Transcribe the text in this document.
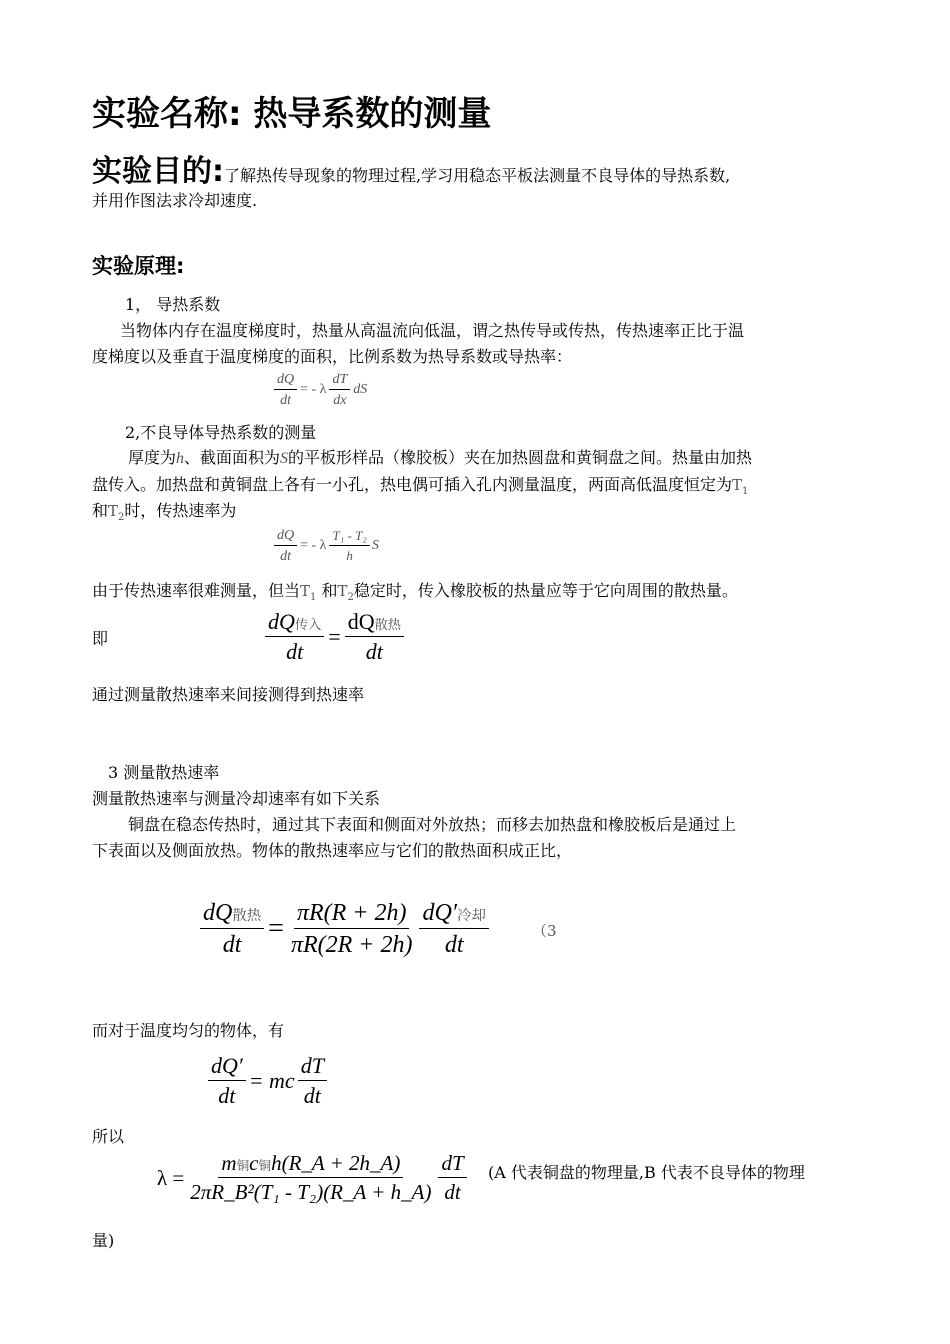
实验名称: 热导系数的测量
实验目的:了解热传导现象的物理过程,学习用稳态平板法测量不良导体的导热系数,
并用作图法求冷却速度.
实验原理:
1， 导热系数
当物体内存在温度梯度时，热量从高温流向低温，谓之热传导或传热，传热速率正比于温
度梯度以及垂直于温度梯度的面积，比例系数为热导系数或导热率：
$\frac{dQ}{dt}$ = - λ $\frac{dT}{dx}$ dS
2,不良导体导热系数的测量
厚度为h、截面面积为S的平板形样品（橡胶板）夹在加热圆盘和黄铜盘之间。热量由加热
盘传入。加热盘和黄铜盘上各有一小孔，热电偶可插入孔内测量温度，两面高低温度恒定为$T_1$
和$T_2$时，传热速率为
$\frac{dQ}{dt}$ = - λ $\frac{\text{T₁ - T₂}}{h}$ S
由于传热速率很难测量，但当$T_1$ 和$T_2$稳定时，传入橡胶板的热量应等于它向周围的散热量。
即	$\frac{\text{dQ传入}}{dt} = \frac{\text{dQ散热}}{dt}$
通过测量散热速率来间接测得到热速率
3 测量散热速率
测量散热速率与测量冷却速率有如下关系
铜盘在稳态传热时，通过其下表面和侧面对外放热；而移去加热盘和橡胶板后是通过上
下表面以及侧面放热。物体的散热速率应与它们的散热面积成正比，
$\frac{\text{dQ散热}}{dt} = \frac{\pi R(R + 2h)}{\pi R(2R + 2h)} \frac{\text{dQ′冷却}}{dt}$	（3
而对于温度均匀的物体，有
$\frac{dQ'}{dt}$ = mc $\frac{dT}{dt}$
所以
$\lambda = \frac{\text{m铜c铜h(R\_A + 2h\_A)}}{\text{2πR\_B²(T₁ - T₂)(R\_A + h\_A)}} \frac{dT}{dt} (A$ 代表铜盘的物理量,B 代表不良导体的物理
量)
